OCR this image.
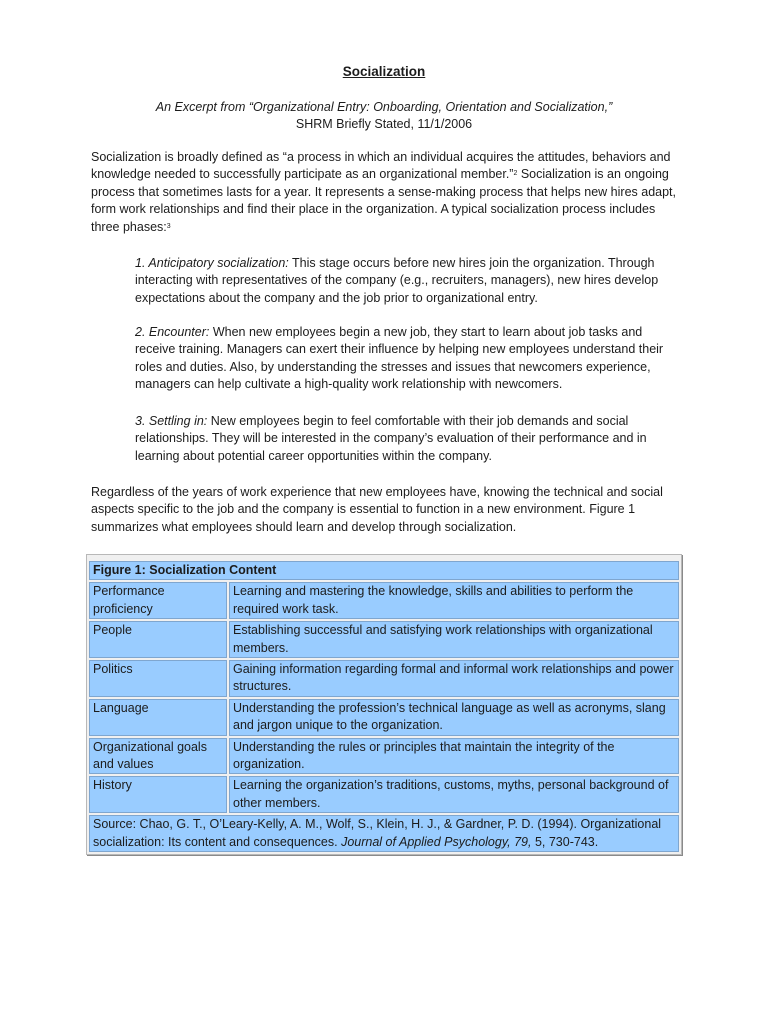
Socialization
An Excerpt from “Organizational Entry: Onboarding, Orientation and Socialization,”
SHRM Briefly Stated, 11/1/2006
Socialization is broadly defined as “a process in which an individual acquires the attitudes, behaviors and knowledge needed to successfully participate as an organizational member.”$^2$ Socialization is an ongoing process that sometimes lasts for a year. It represents a sense-making process that helps new hires adapt, form work relationships and find their place in the organization. A typical socialization process includes three phases:$^3$
1. Anticipatory socialization: This stage occurs before new hires join the organization. Through interacting with representatives of the company (e.g., recruiters, managers), new hires develop expectations about the company and the job prior to organizational entry.
2. Encounter: When new employees begin a new job, they start to learn about job tasks and receive training. Managers can exert their influence by helping new employees understand their roles and duties. Also, by understanding the stresses and issues that newcomers experience, managers can help cultivate a high-quality work relationship with newcomers.
3. Settling in: New employees begin to feel comfortable with their job demands and social relationships. They will be interested in the company’s evaluation of their performance and in learning about potential career opportunities within the company.
Regardless of the years of work experience that new employees have, knowing the technical and social aspects specific to the job and the company is essential to function in a new environment. Figure 1 summarizes what employees should learn and develop through socialization.

Figure 1: Socialization Content	
Performance proficiency	Learning and mastering the knowledge, skills and abilities to perform the required work task.
People	Establishing successful and satisfying work relationships with organizational members.
Politics	Gaining information regarding formal and informal work relationships and power structures.
Language	Understanding the profession’s technical language as well as acronyms, slang and jargon unique to the organization.
Organizational goals and values	Understanding the rules or principles that maintain the integrity of the organization.
History	Learning the organization’s traditions, customs, myths, personal background of other members.
Source: Chao, G. T., O’Leary-Kelly, A. M., Wolf, S., Klein, H. J., & Gardner, P. D. (1994). Organizational socialization: Its content and consequences. Journal of Applied Psychology, 79, 5, 730-743.	
